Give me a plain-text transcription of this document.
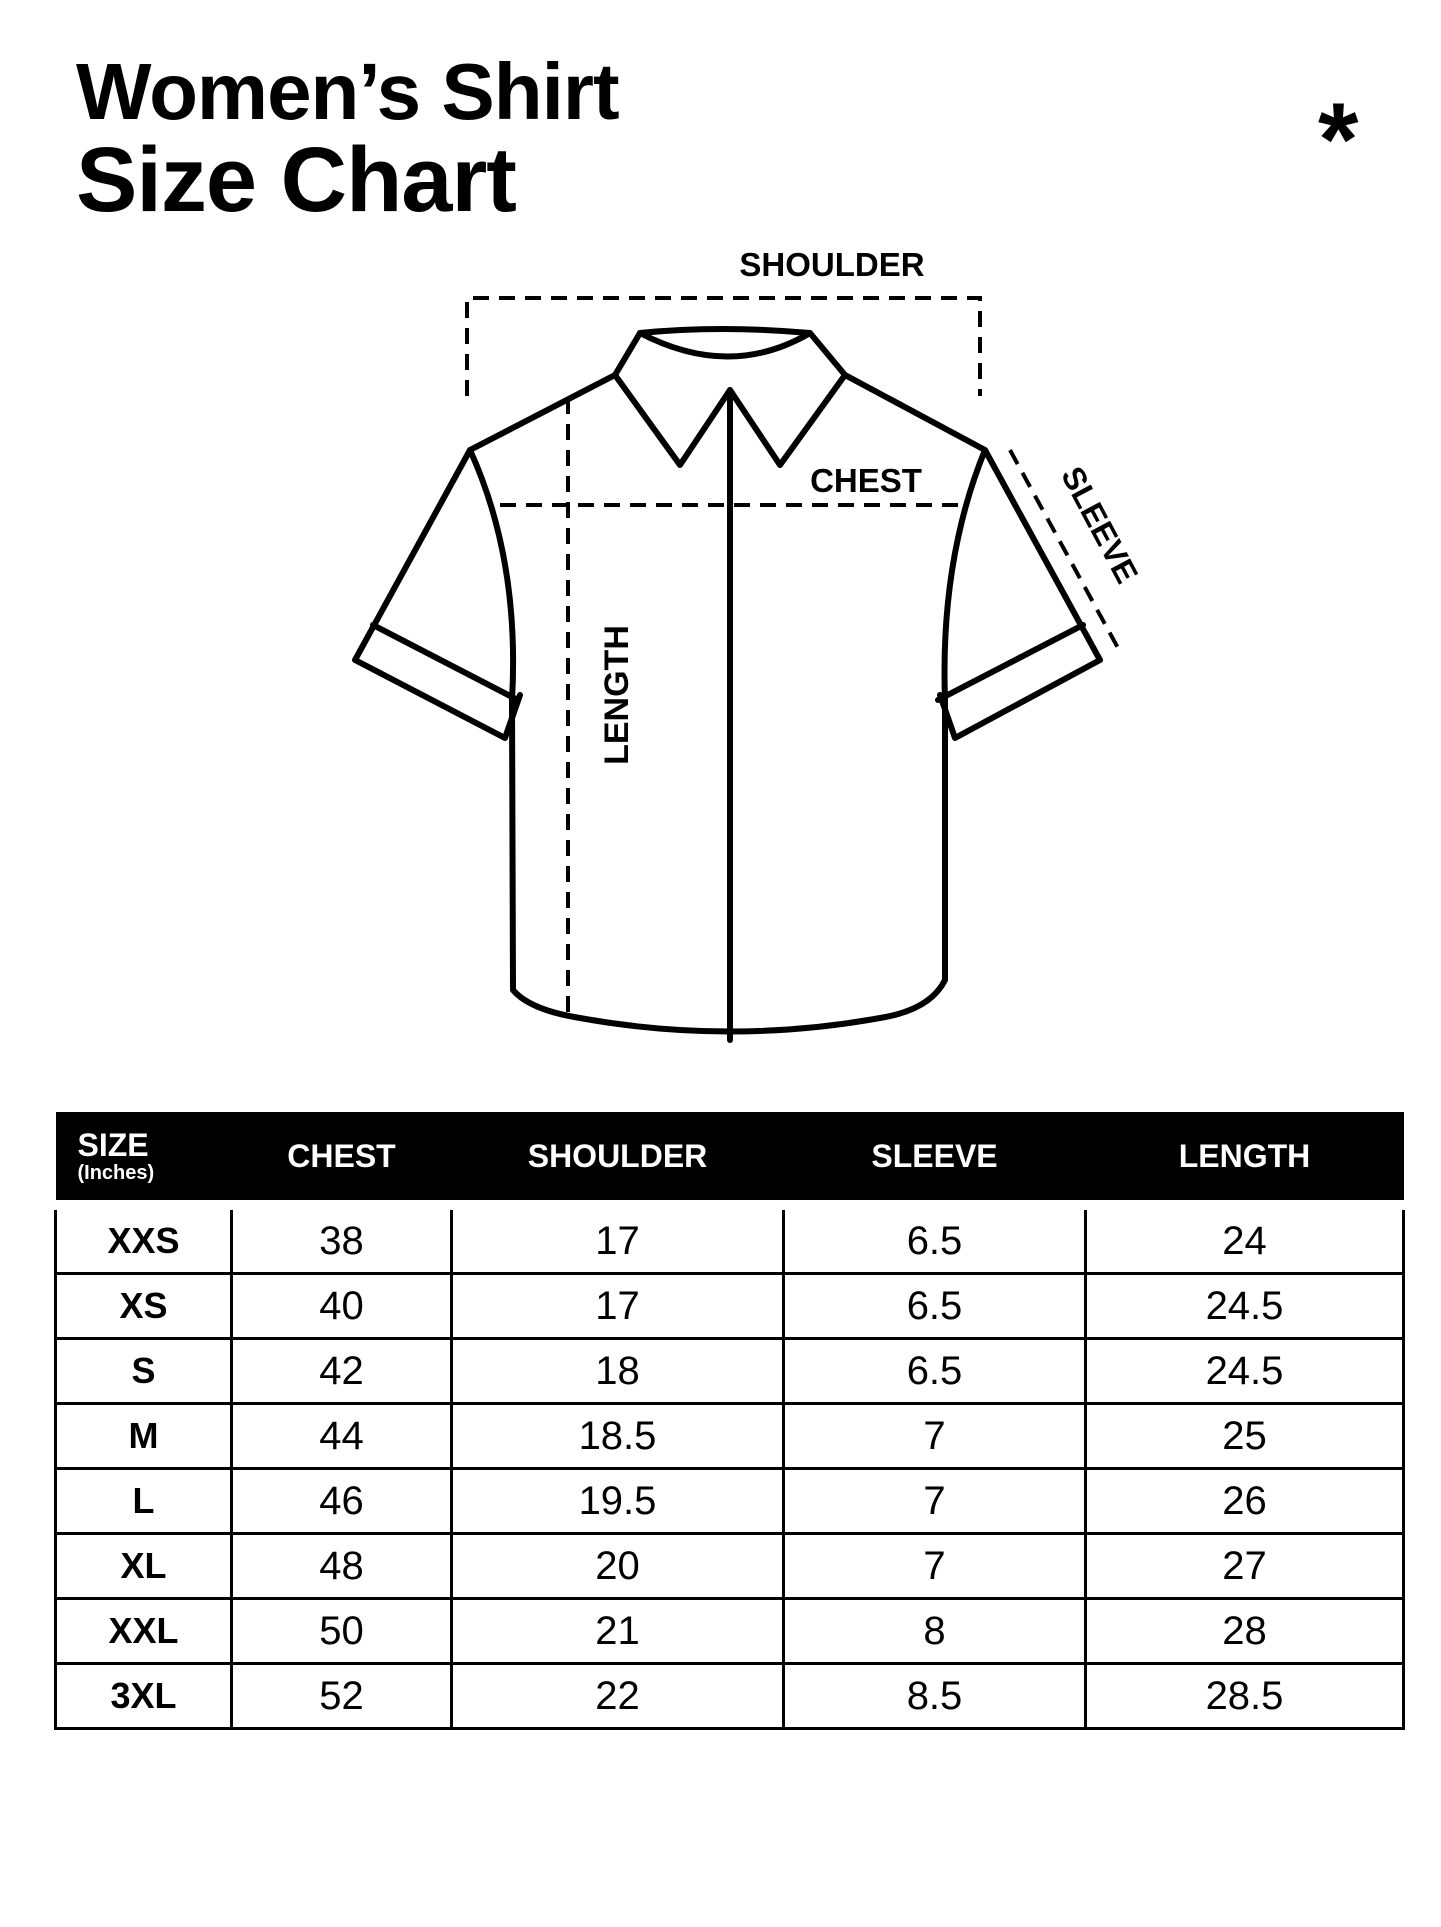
Women’s Shirt
Size Chart	*
SHOULDER
CHEST	SLEEVE
LENGTH
SIZE
(Inches)	CHEST	SHOULDER	SLEEVE	LENGTH
XXS	38	17	6.5	24
XS	40	17	6.5	24.5
S	42	18	6.5	24.5
M	44	18.5	7	25
L	46	19.5	7	26
XL	48	20	7	27
XXL	50	21	8	28
3XL	52	22	8.5	28.5
